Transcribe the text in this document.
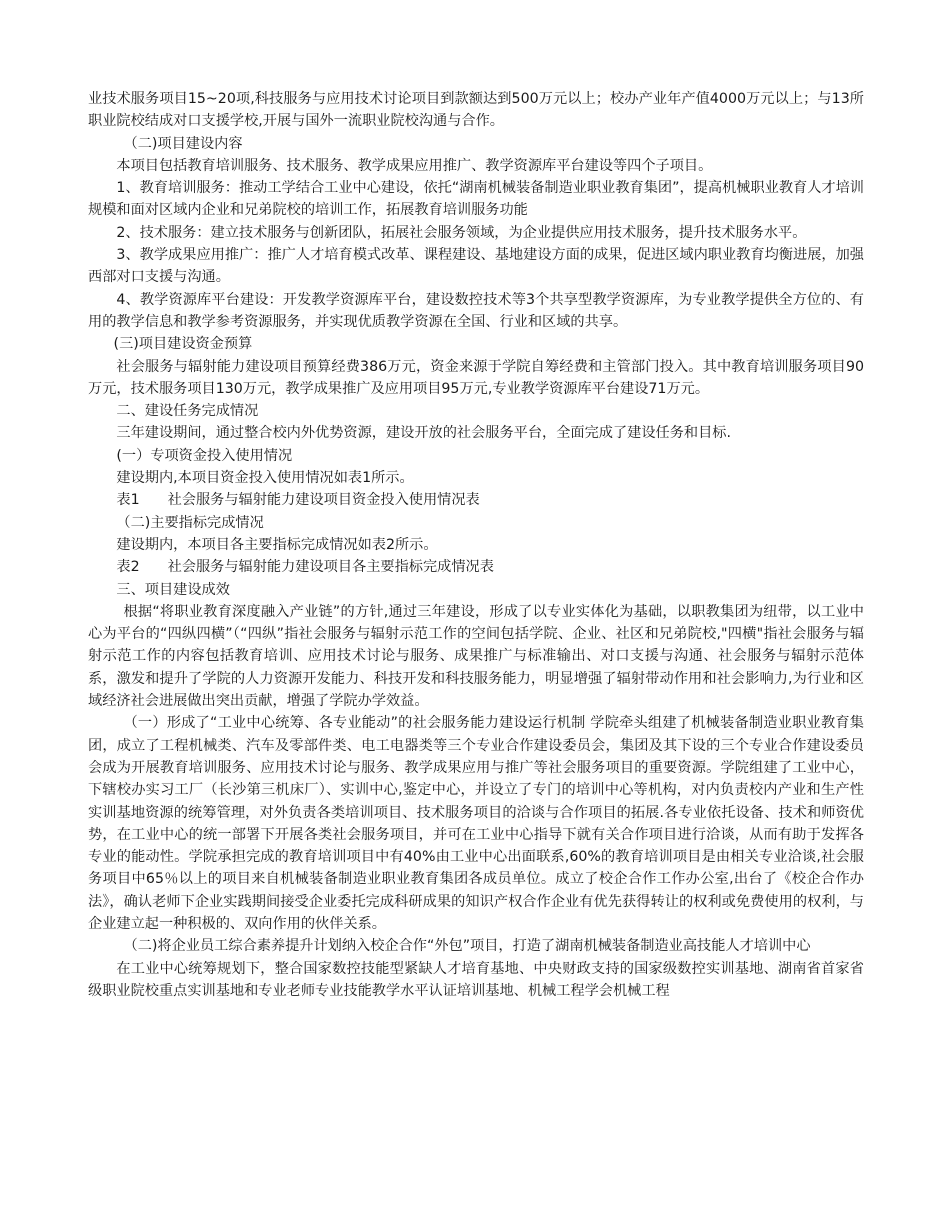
业技术服务项目15~20项,科技服务与应用技术讨论项目到款额达到500万元以上；校办产业年产值4000万元以上；与13所职业院校结成对口支援学校,开展与国外一流职业院校沟通与合作。

（二)项目建设内容

本项目包括教育培训服务、技术服务、教学成果应用推广、教学资源库平台建设等四个子项目。

1、教育培训服务：推动工学结合工业中心建设，依托“湖南机械装备制造业职业教育集团”，提高机械职业教育人才培训规模和面对区域内企业和兄弟院校的培训工作，拓展教育培训服务功能

2、技术服务：建立技术服务与创新团队，拓展社会服务领域，为企业提供应用技术服务，提升技术服务水平。

3、教学成果应用推广：推广人才培育模式改革、课程建设、基地建设方面的成果，促进区域内职业教育均衡进展，加强西部对口支援与沟通。

4、教学资源库平台建设：开发教学资源库平台，建设数控技术等3个共享型教学资源库，为专业教学提供全方位的、有用的教学信息和教学参考资源服务，并实现优质教学资源在全国、行业和区域的共享。

(三)项目建设资金预算

社会服务与辐射能力建设项目预算经费386万元，资金来源于学院自筹经费和主管部门投入。其中教育培训服务项目90万元，技术服务项目130万元，教学成果推广及应用项目95万元,专业教学资源库平台建设71万元。

二、建设任务完成情况

三年建设期间，通过整合校内外优势资源，建设开放的社会服务平台，全面完成了建设任务和目标.

(一）专项资金投入使用情况

建设期内,本项目资金投入使用情况如表1所示。

表1 社会服务与辐射能力建设项目资金投入使用情况表

（二)主要指标完成情况

建设期内，本项目各主要指标完成情况如表2所示。

表2 社会服务与辐射能力建设项目各主要指标完成情况表

三、项目建设成效

根据“将职业教育深度融入产业链”的方针,通过三年建设，形成了以专业实体化为基础，以职教集团为纽带，以工业中心为平台的“四纵四横”（“四纵”指社会服务与辐射示范工作的空间包括学院、企业、社区和兄弟院校,"四横"指社会服务与辐射示范工作的内容包括教育培训、应用技术讨论与服务、成果推广与标准输出、对口支援与沟通、社会服务与辐射示范体系，激发和提升了学院的人力资源开发能力、科技开发和科技服务能力，明显增强了辐射带动作用和社会影响力,为行业和区域经济社会进展做出突出贡献，增强了学院办学效益。

（一）形成了“工业中心统筹、各专业能动”的社会服务能力建设运行机制 学院牵头组建了机械装备制造业职业教育集团，成立了工程机械类、汽车及零部件类、电工电器类等三个专业合作建设委员会，集团及其下设的三个专业合作建设委员会成为开展教育培训服务、应用技术讨论与服务、教学成果应用与推广等社会服务项目的重要资源。学院组建了工业中心，下辖校办实习工厂（长沙第三机床厂）、实训中心,鉴定中心，并设立了专门的培训中心等机构，对内负责校内产业和生产性实训基地资源的统筹管理，对外负责各类培训项目、技术服务项目的洽谈与合作项目的拓展.各专业依托设备、技术和师资优势，在工业中心的统一部署下开展各类社会服务项目，并可在工业中心指导下就有关合作项目进行洽谈，从而有助于发挥各专业的能动性。学院承担完成的教育培训项目中有40%由工业中心出面联系,60%的教育培训项目是由相关专业洽谈,社会服务项目中65％以上的项目来自机械装备制造业职业教育集团各成员单位。成立了校企合作工作办公室,出台了《校企合作办法》，确认老师下企业实践期间接受企业委托完成科研成果的知识产权合作企业有优先获得转让的权利或免费使用的权利，与企业建立起一种积极的、双向作用的伙伴关系。

（二)将企业员工综合素养提升计划纳入校企合作“外包”项目，打造了湖南机械装备制造业高技能人才培训中心

在工业中心统筹规划下，整合国家数控技能型紧缺人才培育基地、中央财政支持的国家级数控实训基地、湖南省首家省级职业院校重点实训基地和专业老师专业技能教学水平认证培训基地、机械工程学会机械工程
